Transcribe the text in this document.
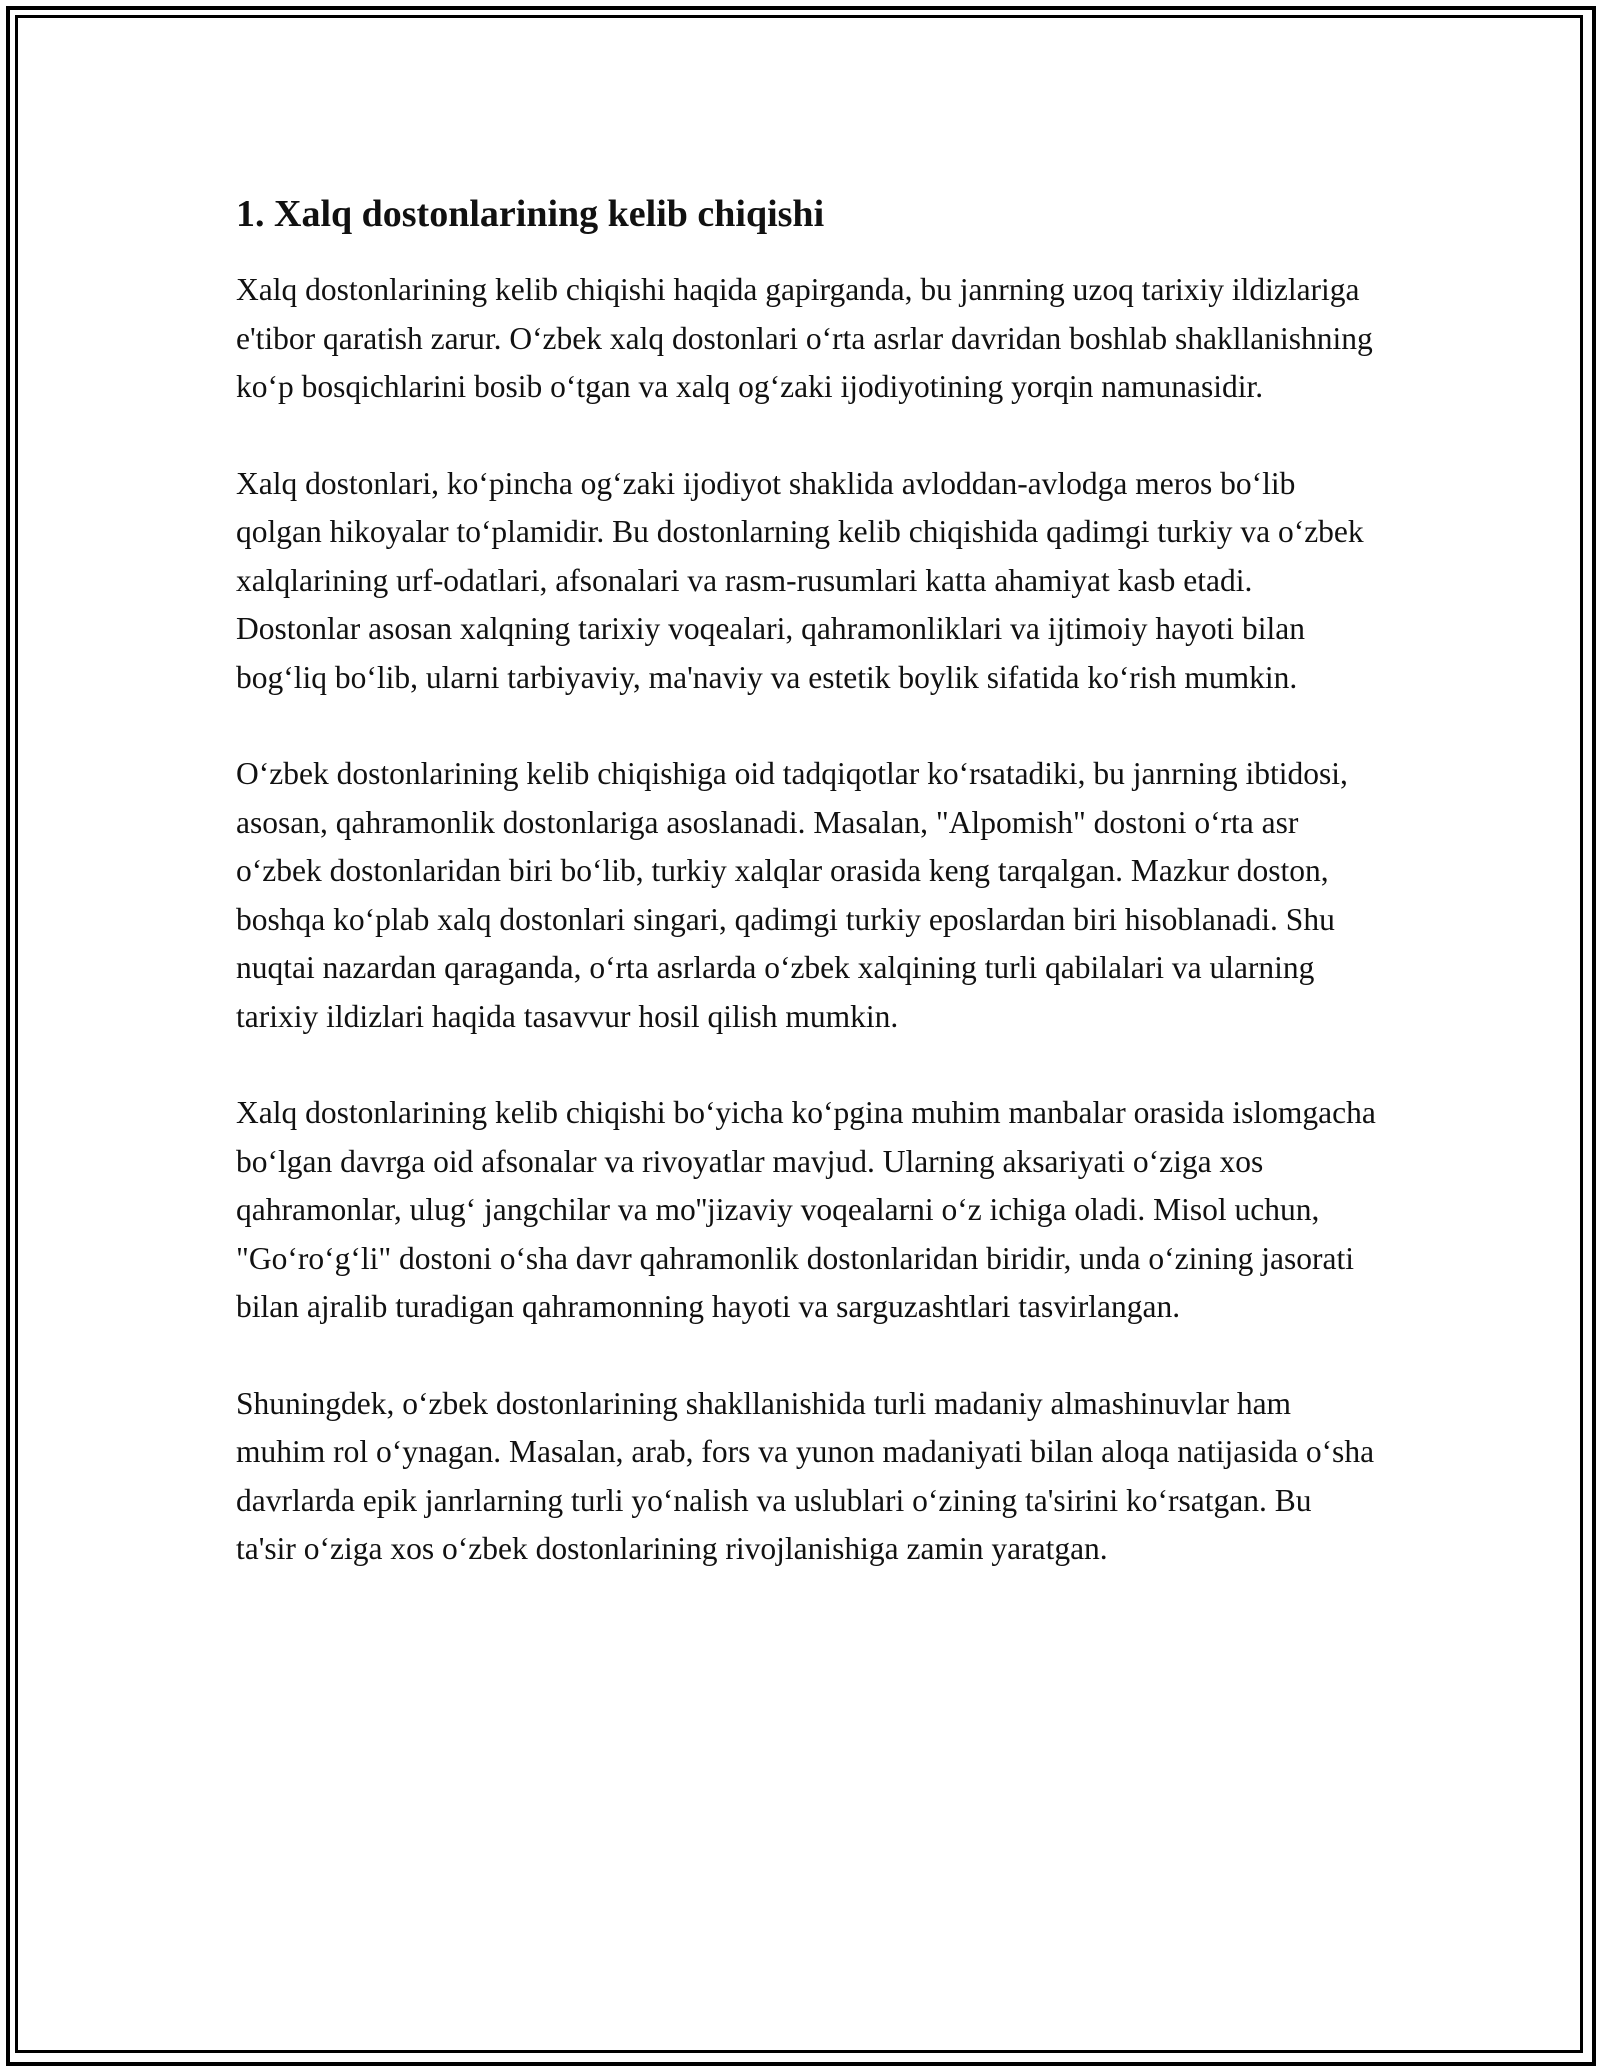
1. Xalq dostonlarining kelib chiqishi

Xalq dostonlarining kelib chiqishi haqida gapirganda, bu janrning uzoq tarixiy ildizlariga e'tibor qaratish zarur. O‘zbek xalq dostonlari o‘rta asrlar davridan boshlab shakllanishning ko‘p bosqichlarini bosib o‘tgan va xalq og‘zaki ijodiyotining yorqin namunasidir.

Xalq dostonlari, ko‘pincha og‘zaki ijodiyot shaklida avloddan-avlodga meros bo‘lib qolgan hikoyalar to‘plamidir. Bu dostonlarning kelib chiqishida qadimgi turkiy va o‘zbek xalqlarining urf-odatlari, afsonalari va rasm-rusumlari katta ahamiyat kasb etadi. Dostonlar asosan xalqning tarixiy voqealari, qahramonliklari va ijtimoiy hayoti bilan bog‘liq bo‘lib, ularni tarbiyaviy, ma'naviy va estetik boylik sifatida ko‘rish mumkin.

O‘zbek dostonlarining kelib chiqishiga oid tadqiqotlar ko‘rsatadiki, bu janrning ibtidosi, asosan, qahramonlik dostonlariga asoslanadi. Masalan, "Alpomish" dostoni o‘rta asr o‘zbek dostonlaridan biri bo‘lib, turkiy xalqlar orasida keng tarqalgan. Mazkur doston, boshqa ko‘plab xalq dostonlari singari, qadimgi turkiy eposlardan biri hisoblanadi. Shu nuqtai nazardan qaraganda, o‘rta asrlarda o‘zbek xalqining turli qabilalari va ularning tarixiy ildizlari haqida tasavvur hosil qilish mumkin.

Xalq dostonlarining kelib chiqishi bo‘yicha ko‘pgina muhim manbalar orasida islomgacha bo‘lgan davrga oid afsonalar va rivoyatlar mavjud. Ularning aksariyati o‘ziga xos qahramonlar, ulug‘ jangchilar va mo''jizaviy voqealarni o‘z ichiga oladi. Misol uchun, "Go‘ro‘g‘li" dostoni o‘sha davr qahramonlik dostonlaridan biridir, unda o‘zining jasorati bilan ajralib turadigan qahramonning hayoti va sarguzashtlari tasvirlangan.

Shuningdek, o‘zbek dostonlarining shakllanishida turli madaniy almashinuvlar ham muhim rol o‘ynagan. Masalan, arab, fors va yunon madaniyati bilan aloqa natijasida o‘sha davrlarda epik janrlarning turli yo‘nalish va uslublari o‘zining ta'sirini ko‘rsatgan. Bu ta'sir o‘ziga xos o‘zbek dostonlarining rivojlanishiga zamin yaratgan.
